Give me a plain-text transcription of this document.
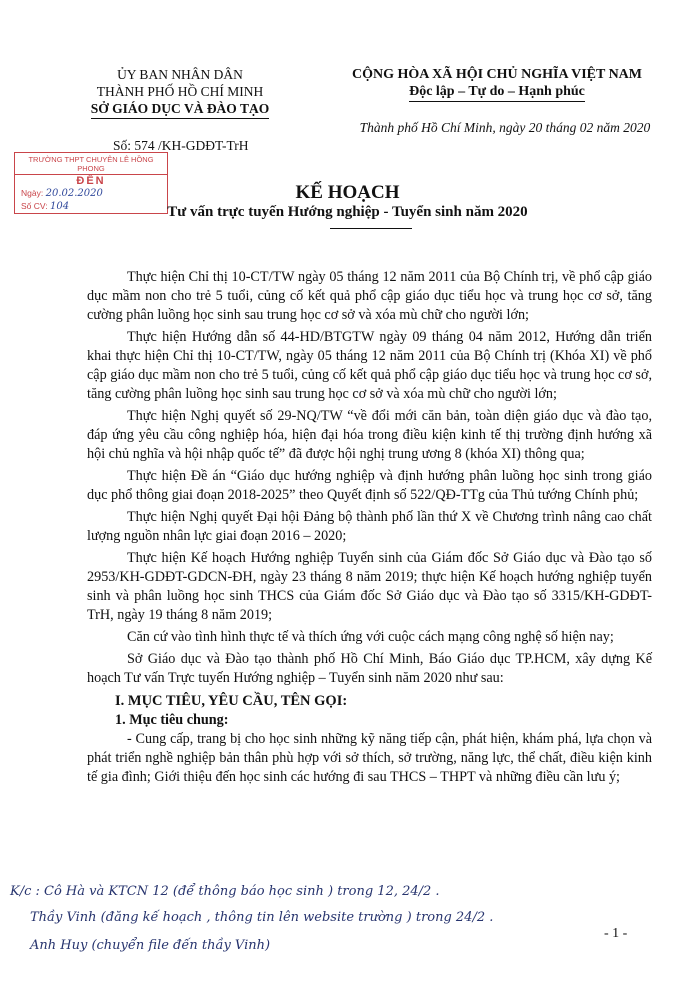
ỦY BAN NHÂN DÂN
THÀNH PHỐ HỒ CHÍ MINH
SỞ GIÁO DỤC VÀ ĐÀO TẠO
CỘNG HÒA XÃ HỘI CHỦ NGHĨA VIỆT NAM
Độc lập – Tự do – Hạnh phúc
Thành phố Hồ Chí Minh, ngày 20 tháng 02 năm 2020
Số: 574 /KH-GDĐT-TrH
TRƯỜNG THPT CHUYÊN LÊ HỒNG PHONG
ĐẾN
Ngày: 20.02.2020
Số CV: 104
KẾ HOẠCH
Tư vấn trực tuyến Hướng nghiệp - Tuyển sinh năm 2020

Thực hiện Chỉ thị 10-CT/TW ngày 05 tháng 12 năm 2011 của Bộ Chính trị, về phổ cập giáo dục mầm non cho trẻ 5 tuổi, củng cố kết quả phổ cập giáo dục tiểu học và trung học cơ sở, tăng cường phân luồng học sinh sau trung học cơ sở và xóa mù chữ cho người lớn;

Thực hiện Hướng dẫn số 44-HD/BTGTW ngày 09 tháng 04 năm 2012, Hướng dẫn triển khai thực hiện Chỉ thị 10-CT/TW, ngày 05 tháng 12 năm 2011 của Bộ Chính trị (Khóa XI) về phổ cập giáo dục mầm non cho trẻ 5 tuổi, củng cố kết quả phổ cập giáo dục tiểu học và trung học cơ sở, tăng cường phân luồng học sinh sau trung học cơ sở và xóa mù chữ cho người lớn;

Thực hiện Nghị quyết số 29-NQ/TW “về đổi mới căn bản, toàn diện giáo dục và đào tạo, đáp ứng yêu cầu công nghiệp hóa, hiện đại hóa trong điều kiện kinh tế thị trường định hướng xã hội chủ nghĩa và hội nhập quốc tế” đã được hội nghị trung ương 8 (khóa XI) thông qua;

Thực hiện Đề án “Giáo dục hướng nghiệp và định hướng phân luồng học sinh trong giáo dục phổ thông giai đoạn 2018-2025” theo Quyết định số 522/QĐ-TTg của Thủ tướng Chính phủ;

Thực hiện Nghị quyết Đại hội Đảng bộ thành phố lần thứ X về Chương trình nâng cao chất lượng nguồn nhân lực giai đoạn 2016 – 2020;

Thực hiện Kế hoạch Hướng nghiệp Tuyển sinh của Giám đốc Sở Giáo dục và Đào tạo số 2953/KH-GDĐT-GDCN-ĐH, ngày 23 tháng 8 năm 2019; thực hiện Kế hoạch hướng nghiệp tuyển sinh và phân luồng học sinh THCS của Giám đốc Sở Giáo dục và Đào tạo số 3315/KH-GDĐT-TrH, ngày 19 tháng 8 năm 2019;

Căn cứ vào tình hình thực tế và thích ứng với cuộc cách mạng công nghệ số hiện nay;

Sở Giáo dục và Đào tạo thành phố Hồ Chí Minh, Báo Giáo dục TP.HCM, xây dựng Kế hoạch Tư vấn Trực tuyến Hướng nghiệp – Tuyển sinh năm 2020 như sau:

I. MỤC TIÊU, YÊU CẦU, TÊN GỌI:
1. Mục tiêu chung:

- Cung cấp, trang bị cho học sinh những kỹ năng tiếp cận, phát hiện, khám phá, lựa chọn và phát triển nghề nghiệp bản thân phù hợp với sở thích, sở trường, năng lực, thể chất, điều kiện kinh tế gia đình; Giới thiệu đến học sinh các hướng đi sau THCS – THPT và những điều cần lưu ý;

K/c : Cô Hà và KTCN 12 (để thông báo học sinh ) trong 12, 24/2 .
Thầy Vinh (đăng kế hoạch , thông tin lên website trường ) trong 24/2 .
Anh Huy (chuyển file đến thầy Vinh)
- 1 -
